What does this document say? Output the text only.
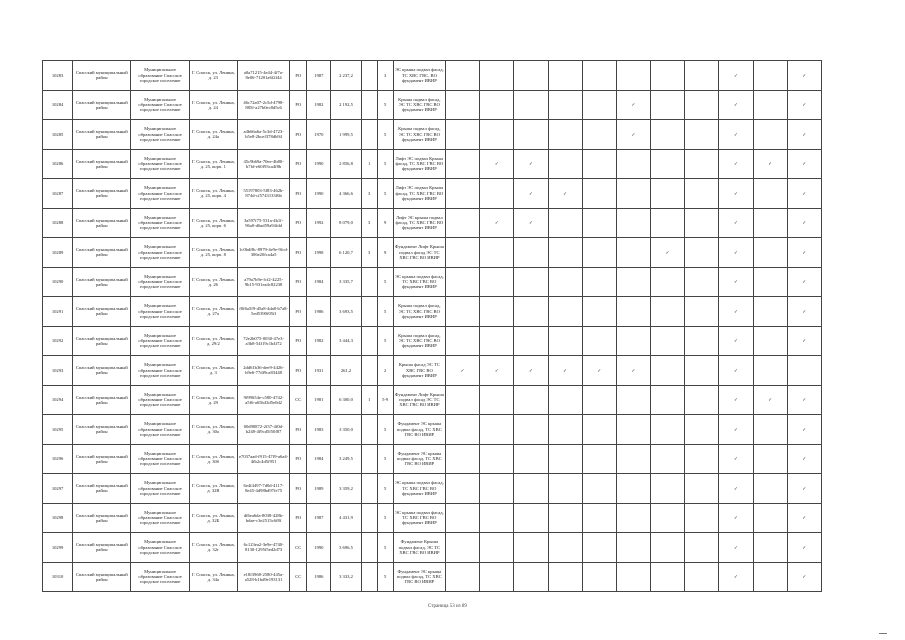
10283	Спасский муниципальный район	Муниципальное образование Спасское городское поселение	Г. Спасск, ул. Ленина, д. 23	a0a71215-4e44-4f7a-8e06-71201a6f2f44	PO	1987	2 237,2		3	ЭС крыша подвал фасад, ТС ХВС ГВС, ВО фундамент ИВИР									✓		✓
10284	Спасский муниципальный район	Муниципальное образование Спасское городское поселение	Г. Спасск, ул. Ленина, д. 24	46c72a07-2c5d-4798-885f-a27b0ec8d5c6	PO	1982	2 192,5		5	Крыша подвал фасад, ЭС ТС ХВС ГВС ВО фундамент ИВИР						✓			✓		✓
10285	Спасский муниципальный район	Муниципальное образование Спасское городское поселение	Г. Спасск, ул. Ленина, д. 24а	a4b66a6a-5c3d-4723-b5e8-2bcef378db94	PO	1970	1 999,5		5	Крыша подвал фасад, ЭС ТС ХВС ГВС ВО фундамент ИВИР						✓			✓		✓
10286	Спасский муниципальный район	Муниципальное образование Спасское городское поселение	Г. Спасск, ул. Ленина, д. 25, корп. 1	45c9b69a-70ee-4b80-b7fd-e60f93ca4f8b	PO	1990	2 856,8	1	5	Лифт ЭС подвал Крыша фасад, ТС ХВС ГВС ВО фундамент ИВИР		✓	✓						✓	✓	✓
10287	Спасский муниципальный район	Муниципальное образование Спасское городское поселение	Г. Спасск, ул. Ленина, д. 25, корп. 4	55197803-5f83-462b-874d-cf5743133f6b	PO	1990	4 366,6	3	5	Лифт ЭС подвал Крыша фасад, ТС ХВС ГВС ВО фундамент ИВИР			✓	✓					✓		✓
10288	Спасский муниципальный район	Муниципальное образование Спасское городское поселение	Г. Спасск, ул. Ленина, д. 25, корп. 6	3a597f75-531a-4b1f-96a0-d6ad59a94fdd	PO	1992	8 079,0	3	9	Лифт ЭС крыша подвал фасад, ТС ХВС ГВС ВО фундамент ИВИР		✓	✓						✓		✓
10289	Спасский муниципальный район	Муниципальное образование Спасское городское поселение	Г. Спасск, ул. Ленина, д. 25, корп. 8	1c0bdf8c-8979-4e9e-9fcd-306e20fca4a5	PO	1998	6 120,7	3	9	Фундамент Лифт Крыша подвал фасад ЭС ТС ХВС ГВС ВО ИВИР							✓		✓		✓
10290	Спасский муниципальный район	Муниципальное образование Спасское городское поселение	Г. Спасск, ул. Ленина, д. 26	a79a7b9e-fcf2-4225-9b15-931ea4c82238	PO	1984	3 335,7		5	ЭС крыша подвал фасад, ТС ХВС ГВС ВО фундамент ИВИР									✓		✓
10291	Спасский муниципальный район	Муниципальное образование Спасское городское поселение	Г. Спасск, ул. Ленина, д. 27а	f0f6a5f9-d5a8-4da8-b7a8-5ed5390f05ff	PO	1986	3 693,5		5	Крыша подвал фасад, ЭС ТС ХВС ГВС ВО фундамент ИВИР									✓		✓
10292	Спасский муниципальный район	Муниципальное образование Спасское городское поселение	Г. Спасск, ул. Ленина, д. 29/2	72e2b075-0030-47e3-a3b8-54f19c1b4f72	PO	1982	3 444,3		5	Крыша подвал фасад, ЭС ТС ХВС ГВС ВО фундамент ИВИР									✓		✓
10293	Спасский муниципальный район	Муниципальное образование Спасское городское поселение	Г. Спасск, ул. Ленина, д. 3	2dd61b36-dee9-4426-b9e6-77df9ca83448	PO	1931	261,2		2	Крыша фасад ЭС ТС ХВС ГВС ВО фундамент ИВИР	✓	✓	✓	✓	✓	✓			✓		
10294	Спасский муниципальный район	Муниципальное образование Спасское городское поселение	Г. Спасск, ул. Ленина, д. 29	9f99654e-c580-4742-a5f6-a65b43d5e0d2	CC	1981	6 300,0	1	5-9	Фундамент Лифт Крыша подвал фасад ЭС ТС ХВС ГВС ВО ИВИР									✓	✓	✓
10295	Спасский муниципальный район	Муниципальное образование Спасское городское поселение	Г. Спасск, ул. Ленина, д. 30а	00d90872-2f37-4f0d-b248-4f9cd5f50f87	PO	1983	3 350,0		5	Фундамент ЭС крыша подвал фасад, ТС ХВС ГВС ВО ИВИР									✓		✓
10296	Спасский муниципальный район	Муниципальное образование Спасское городское поселение	Г. Спасск, ул. Ленина, д. 30б	e7037aad-f915-47f9-a6a4-4fb2c4d5f951	PO	1984	3 249,5		5	Фундамент ЭС крыша подвал фасад, ТС ХВС ГВС ВО ИВИР									✓		✓
10297	Спасский муниципальный район	Муниципальное образование Спасское городское поселение	Г. Спасск, ул. Ленина, д. 32В	6e4f4497-7d0d-4117-8e45-4d98bd97fe75	PO	1989	3 359,2		5	ЭС крыша подвал фасад, ТС ХВС ГВС ВО фундамент ИВИР									✓		✓
10298	Спасский муниципальный район	Муниципальное образование Спасское городское поселение	Г. Спасск, ул. Ленина, д. 32Б	df6ea6da-8038-428b-bdae-c3e2515c6f8f	PO	1987	4 431,9		5	ЭС крыша подвал фасад, ТС ХВС ГВС ВО фундамент ИВИР									✓		✓
10299	Спасский муниципальный район	Муниципальное образование Спасское городское поселение	Г. Спасск, ул. Ленина, д. 32г	6c123ea2-3e9e-4740-8130-1295f5ed2d73	CC	1990	3 696,5		5	Фундамент Крыша подвал фасад, ЭС ТС ХВС ГВС ВО ИВИР									✓		✓
10310	Спасский муниципальный район	Муниципальное образование Спасское городское поселение	Г. Спасск, ул. Ленина, д. 34а	e18f3968-2580-445a-a528-b1bd9e193131	CC	1986	3 333,2		5	Фундамент ЭС крыша подвал фасад, ТС ХВС ГВС ВО ИВИР									✓		✓
Страница 53 из 89
